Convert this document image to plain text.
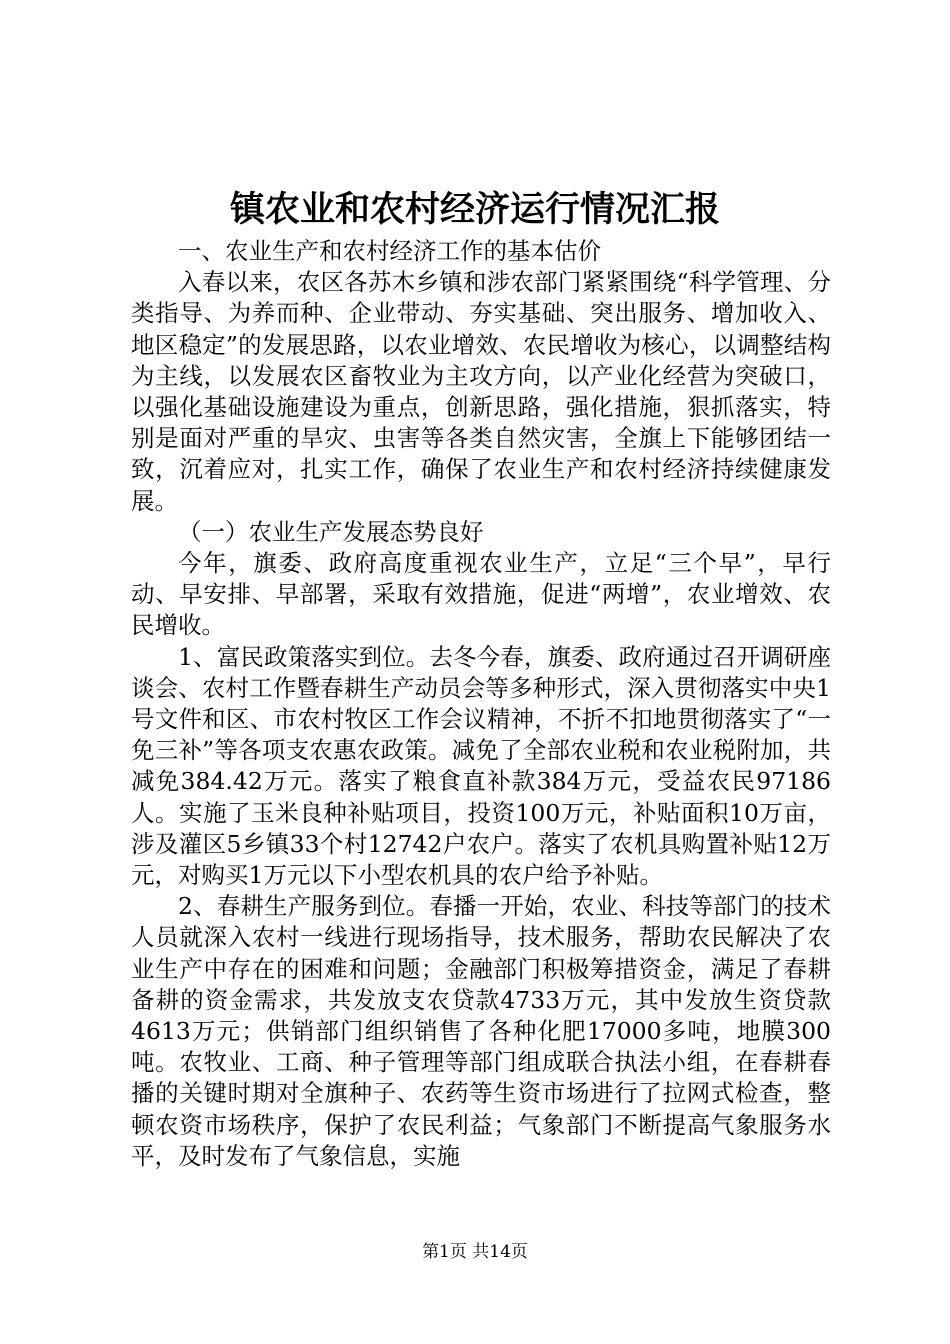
镇农业和农村经济运行情况汇报

一、农业生产和农村经济工作的基本估价

入春以来，农区各苏木乡镇和涉农部门紧紧围绕“科学管理、分类指导、为养而种、企业带动、夯实基础、突出服务、增加收入、地区稳定”的发展思路，以农业增效、农民增收为核心，以调整结构为主线，以发展农区畜牧业为主攻方向，以产业化经营为突破口，以强化基础设施建设为重点，创新思路，强化措施，狠抓落实，特别是面对严重的旱灾、虫害等各类自然灾害，全旗上下能够团结一致，沉着应对，扎实工作，确保了农业生产和农村经济持续健康发展。

（一）农业生产发展态势良好

今年，旗委、政府高度重视农业生产，立足“三个早”，早行动、早安排、早部署，采取有效措施，促进“两增”，农业增效、农民增收。

1、富民政策落实到位。去冬今春，旗委、政府通过召开调研座谈会、农村工作暨春耕生产动员会等多种形式，深入贯彻落实中央1号文件和区、市农村牧区工作会议精神，不折不扣地贯彻落实了“一免三补”等各项支农惠农政策。减免了全部农业税和农业税附加，共减免384.42万元。落实了粮食直补款384万元，受益农民97186人。实施了玉米良种补贴项目，投资100万元，补贴面积10万亩，涉及灌区5乡镇33个村12742户农户。落实了农机具购置补贴12万元，对购买1万元以下小型农机具的农户给予补贴。

2、春耕生产服务到位。春播一开始，农业、科技等部门的技术人员就深入农村一线进行现场指导，技术服务，帮助农民解决了农业生产中存在的困难和问题；金融部门积极筹措资金，满足了春耕备耕的资金需求，共发放支农贷款4733万元，其中发放生资贷款4613万元；供销部门组织销售了各种化肥17000多吨，地膜300吨。农牧业、工商、种子管理等部门组成联合执法小组，在春耕春播的关键时期对全旗种子、农药等生资市场进行了拉网式检查，整顿农资市场秩序，保护了农民利益；气象部门不断提高气象服务水平，及时发布了气象信息，实施

第1页 共14页
